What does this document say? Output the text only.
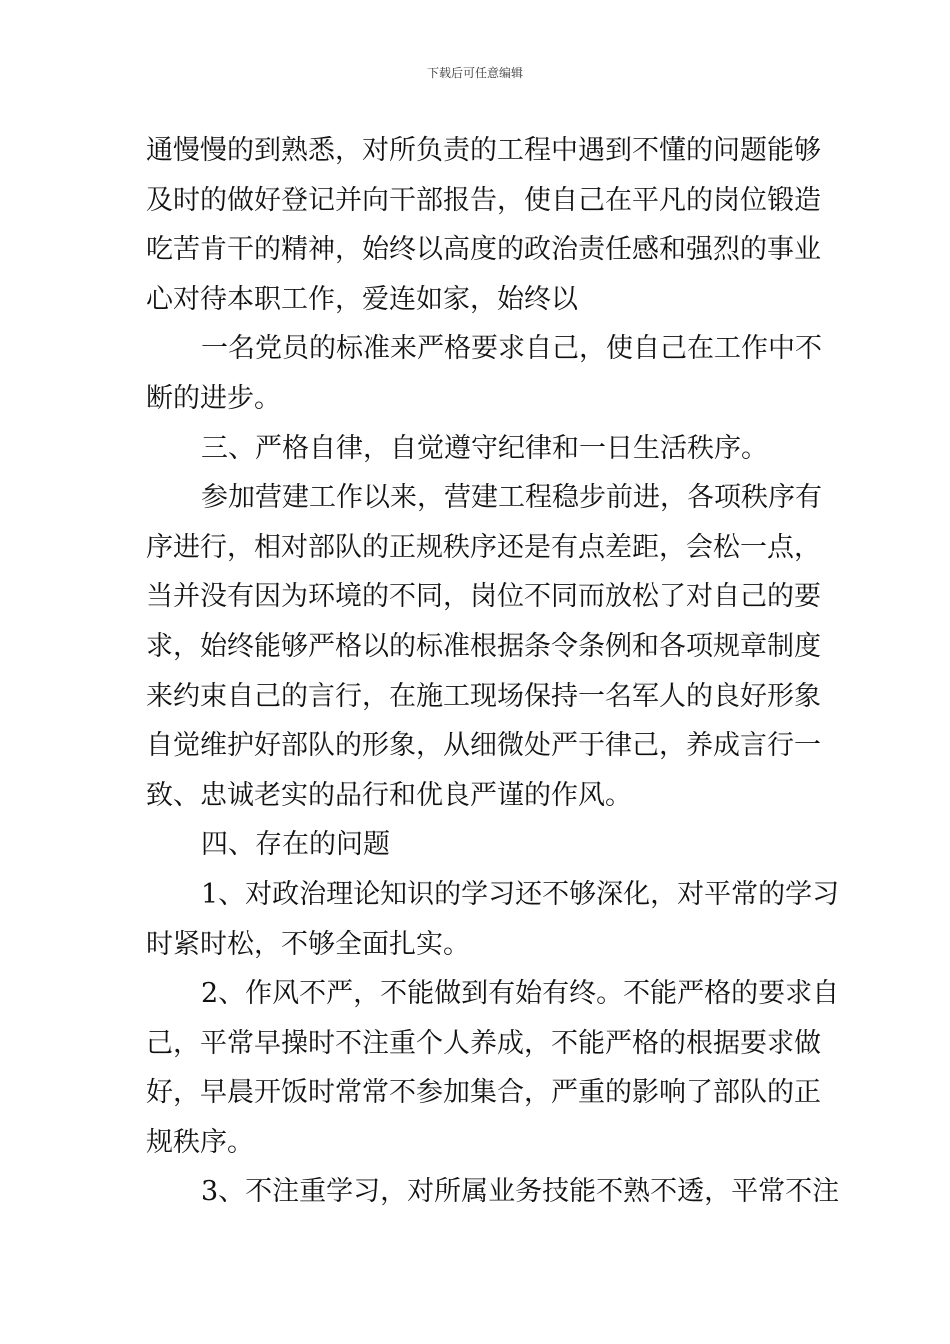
下载后可任意编辑

通慢慢的到熟悉，对所负责的工程中遇到不懂的问题能够
及时的做好登记并向干部报告，使自己在平凡的岗位锻造
吃苦肯干的精神，始终以高度的政治责任感和强烈的事业
心对待本职工作，爱连如家，始终以

一名党员的标准来严格要求自己，使自己在工作中不
断的进步。

三、严格自律，自觉遵守纪律和一日生活秩序。

参加营建工作以来，营建工程稳步前进，各项秩序有
序进行，相对部队的正规秩序还是有点差距，会松一点，
当并没有因为环境的不同，岗位不同而放松了对自己的要
求，始终能够严格以的标准根据条令条例和各项规章制度
来约束自己的言行，在施工现场保持一名军人的良好形象
自觉维护好部队的形象，从细微处严于律己，养成言行一
致、忠诚老实的品行和优良严谨的作风。

四、存在的问题

1、对政治理论知识的学习还不够深化，对平常的学习
时紧时松，不够全面扎实。

2、作风不严，不能做到有始有终。不能严格的要求自
己，平常早操时不注重个人养成，不能严格的根据要求做
好，早晨开饭时常常不参加集合，严重的影响了部队的正
规秩序。

3、不注重学习，对所属业务技能不熟不透，平常不注
